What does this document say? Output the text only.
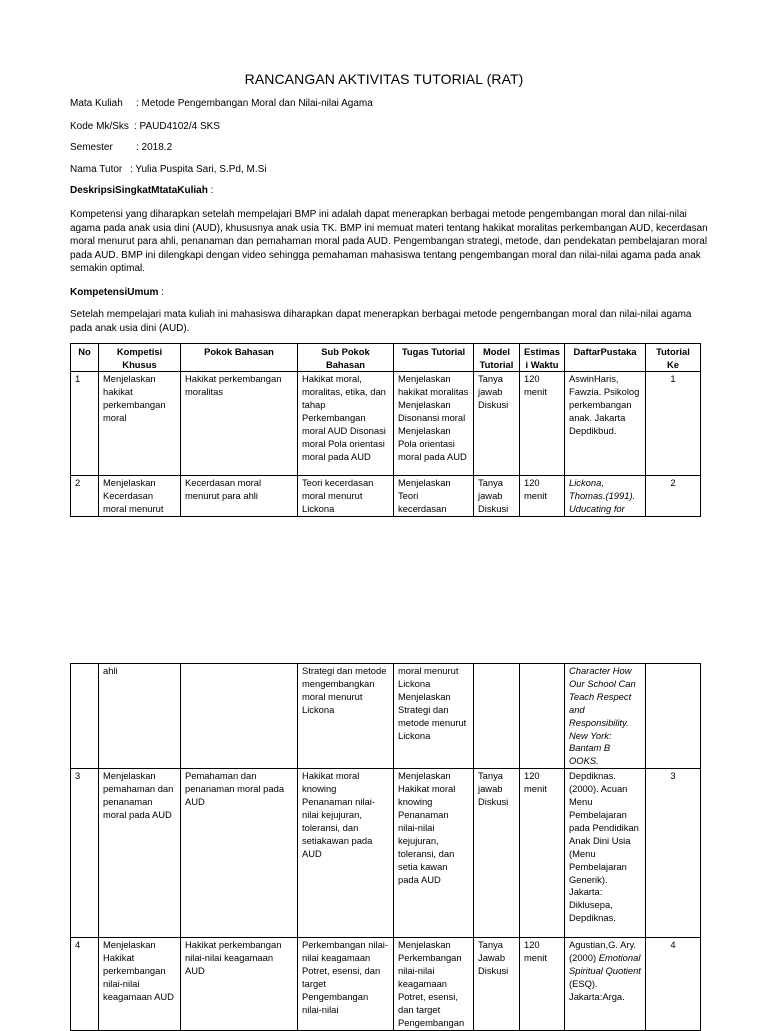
RANCANGAN AKTIVITAS TUTORIAL (RAT)
Mata Kuliah : Metode Pengembangan Moral dan Nilai-nilai Agama
Kode Mk/Sks : PAUD4102/4 SKS
Semester : 2018.2
Nama Tutor : Yulia Puspita Sari, S.Pd, M.Si
DeskripsiSingkatMtataKuliah :
Kompetensi yang diharapkan setelah mempelajari BMP ini adalah dapat menerapkan berbagai metode pengembangan moral dan nilai-nilai agama pada anak usia dini (AUD), khususnya anak usia TK. BMP ini memuat materi tentang hakikat moralitas perkembangan AUD, kecerdasan moral menurut para ahli, penanaman dan pemahaman moral pada AUD. Pengembangan strategi, metode, dan pendekatan pembelajaran moral pada AUD. BMP ini dilengkapi dengan video sehingga pemahaman mahasiswa tentang pengembangan moral dan nilai-nilai agama pada anak semakin optimal.
KompetensiUmum :
Setelah mempelajari mata kuliah ini mahasiswa diharapkan dapat menerapkan berbagai metode pengembangan moral dan nilai-nilai agama pada anak usia dini (AUD).
No	Kompetisi Khusus	Pokok Bahasan	Sub Pokok Bahasan	Tugas Tutorial	Model Tutorial	Estimasi Waktu	DaftarPustaka	Tutorial Ke
1	Menjelaskan hakikat perkembangan moral	Hakikat perkembangan moralitas	Hakikat moral, moralitas, etika, dan tahap Perkembangan moral AUD Disonasi moral Pola orientasi moral pada AUD	Menjelaskan hakikat moralitas Menjelaskan Disonansi moral Menjelaskan Pola orientasi moral pada AUD	Tanya jawab Diskusi	120 menit	AswinHaris, Fawzia. Psikolog perkembangan anak. Jakarta Depdikbud.	1
2	Menjelaskan Kecerdasan moral menurut	Kecerdasan moral menurut para ahli	Teori kecerdasan moral menurut Lickona	Menjelaskan Teori kecerdasan	Tanya jawab Diskusi	120 menit	Lickona, Thomas.(1991). Uducating for	2
	ahli		Strategi dan metode mengembangkan moral menurut Lickona	moral menurut Lickona Menjelaskan Strategi dan metode menurut Lickona			Character How Our School Can Teach Respect and Responsibility. New York: Bantam B OOKS.	
3	Menjelaskan pemahaman dan penanaman moral pada AUD	Pemahaman dan penanaman moral pada AUD	Hakikat moral knowing Penanaman nilai-nilai kejujuran, toleransi, dan setiakawan pada AUD	Menjelaskan Hakikat moral knowing Penanaman nilai-nilai kejujuran, toleransi, dan setia kawan pada AUD	Tanya jawab Diskusi	120 menit	Depdiknas. (2000). Acuan Menu Pembelajaran pada Pendidikan Anak Dini Usia (Menu Pembelajaran Generik). Jakarta: Diklusepa, Depdiknas.	3
4	Menjelaskan Hakikat perkembangan nilai-nilai keagamaan AUD	Hakikat perkembangan nilai-nilai keagamaan AUD	Perkembangan nilai-nilai keagamaan Potret, esensi, dan target Pengembangan nilai-nilai	Menjelaskan Perkembangan nilai-nilai keagamaan Potret, esensi, dan target Pengembangan	Tanya Jawab Diskusi	120 menit	Agustian,G. Ary. (2000) Emotional Spiritual Quotient (ESQ). Jakarta:Arga.	4
